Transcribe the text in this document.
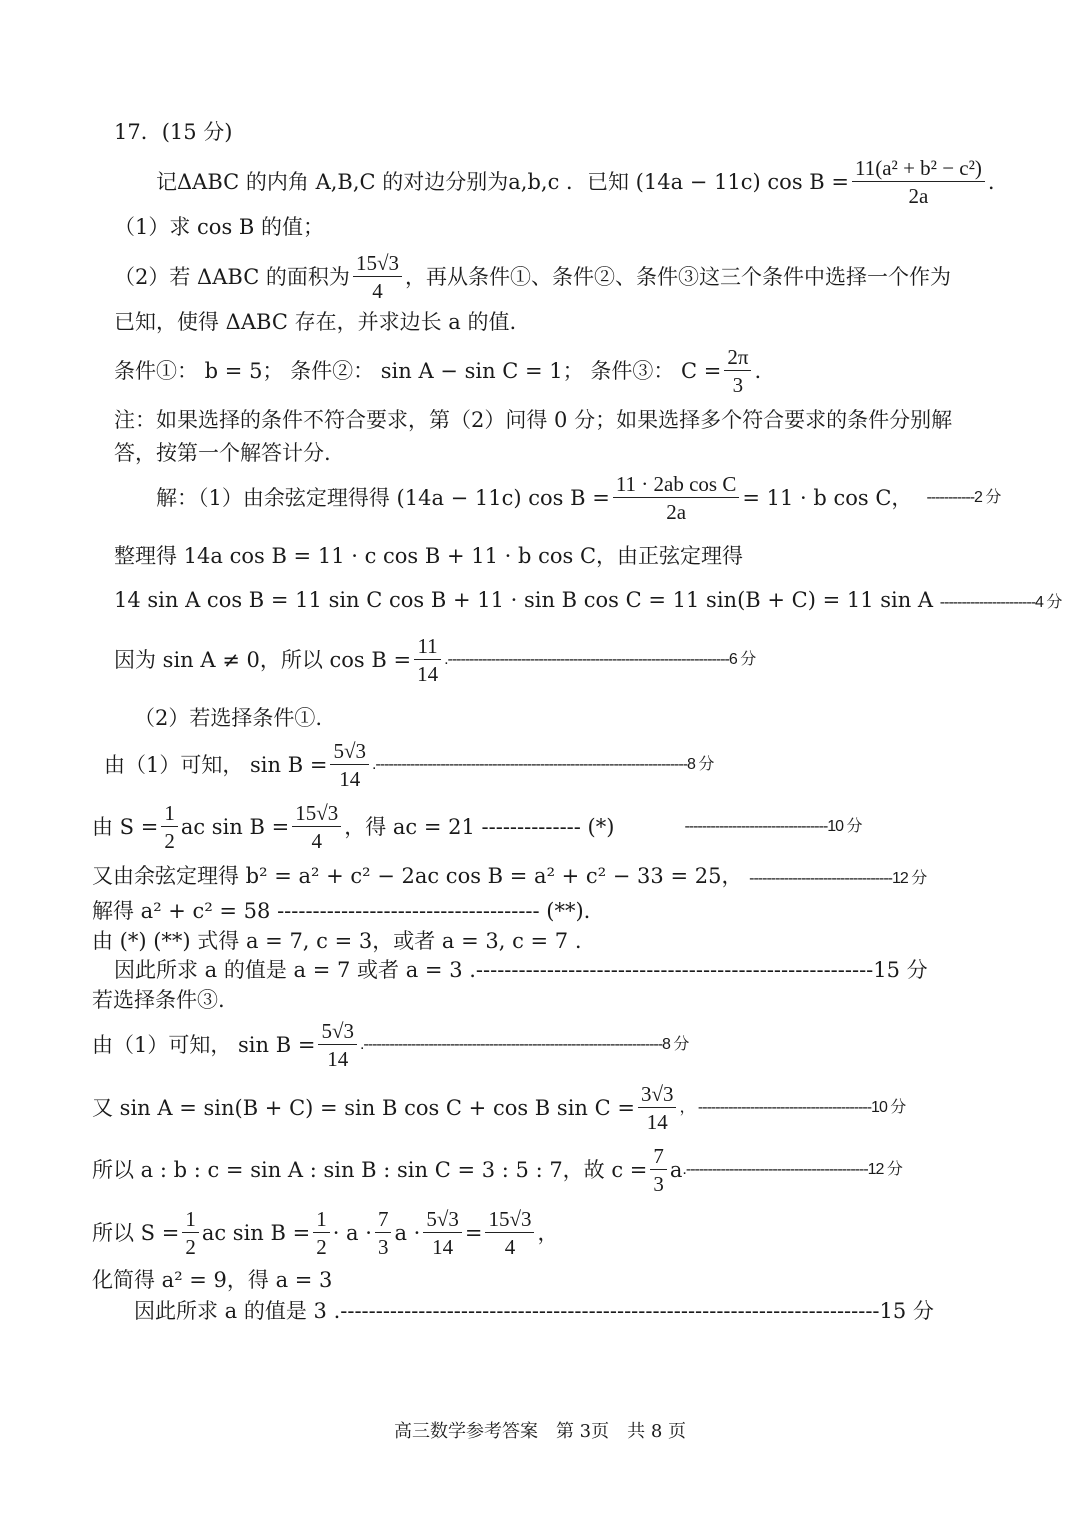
17．(15 分)
记ΔABC 的内角 A,B,C 的对边分别为a,b,c ．已知 (14a − 11c) $\cos B = \frac{\text{11(a² + b² − c²)}}{2a}$ .
（1）求 cos B 的值；
（2）若 ΔABC 的面积为
15√3
4
，再从条件①、条件②、条件③这三个条件中选择一个作为
已知，使得 ΔABC 存在，并求边长 a 的值.
条件①： b = 5； 条件②： sin A − sin C = 1； 条件③： $C = \frac{2\pi}{3}$ .
注：如果选择的条件不符合要求，第（2）问得 0 分；如果选择多个符合要求的条件分别解
答，按第一个解答计分.
解：（1）由余弦定理得得 (14a − 11c) $\cos B = \frac{\text{11 · 2ab cos C}}{2a} = 11 \cdot b$ cos C， -----------2 分
整理得 14a cos B = 11 · c cos B + 11 · b cos C，由正弦定理得
14 sin A cos B = 11 sin C cos B + 11 · sin B cos C = 11 sin(B + C) = 11 sin A ----------------------4 分
因为 sin A ≠ 0，所以 $\cos B = \frac{11}{14} .-----------------------------------------------------------------6$ 分
（2）若选择条件①.
由（1）可知， $\sin B = \frac{5√3}{14} .------------------------------------------------------------------------8$ 分
由 $S = \frac{1}{2}$ ac $\sin B = \frac{15√3}{4}$ ，得 ac = 21 -------------- (*)	---------------------------------10 分
又由余弦定理得 b² = a² + c² − 2ac cos B = a² + c² − 33 = 25， ---------------------------------12 分
解得 a² + c² = 58 ------------------------------------- (**).
由 (*) (**) 式得 a = 7, c = 3，或者 a = 3, c = 7 .
因此所求 a 的值是 a = 7 或者 a = 3 .--------------------------------------------------------15 分
若选择条件③.
由（1）可知， $\sin B = \frac{5√3}{14} .---------------------------------------------------------------------8$ 分
又 sin A = sin(B + C) = sin B cos C + cos B $\sin C = \frac{3√3}{14}$ ， ----------------------------------------10 分
所以 a : b : c = sin A : sin B : sin C = 3 : 5 : 7，故 $c = \frac{7}{3}$ a .------------------------------------------12 分
所以 $S = \frac{1}{2}$ ac $\sin B = \frac{1}{2} \cdot a$ ·
7
3
$a \cdot \frac{5√3}{14} = \frac{15√3}{4}$ ，
化简得 a² = 9，得 a = 3
因此所求 a 的值是 3 .----------------------------------------------------------------------------15 分
高三数学参考答案　第 3页　共 8 页
